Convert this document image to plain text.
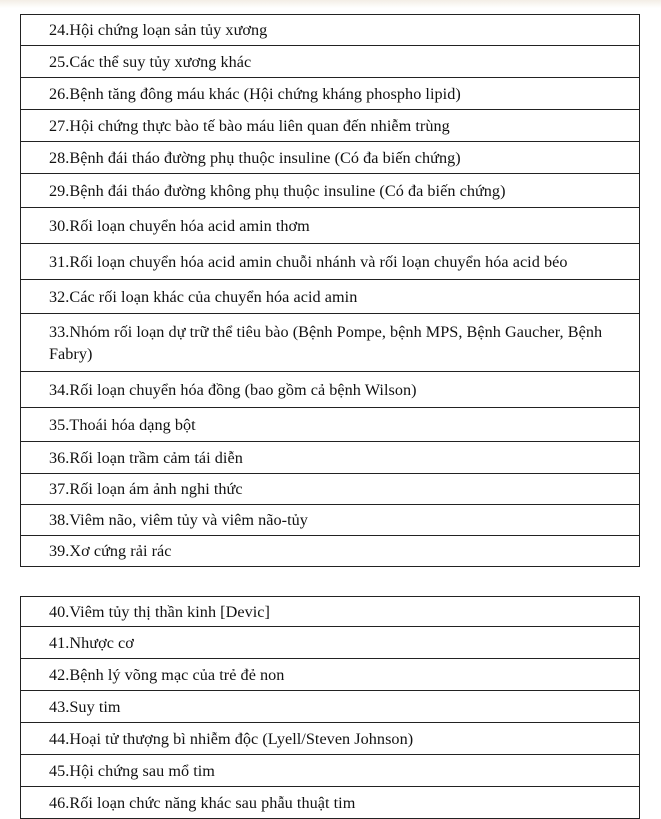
24.Hội chứng loạn sản tủy xương
25.Các thể suy tủy xương khác
26.Bệnh tăng đông máu khác (Hội chứng kháng phospho lipid)
27.Hội chứng thực bào tế bào máu liên quan đến nhiễm trùng
28.Bệnh đái tháo đường phụ thuộc insuline (Có đa biến chứng)
29.Bệnh đái tháo đường không phụ thuộc insuline (Có đa biến chứng)
30.Rối loạn chuyển hóa acid amin thơm
31.Rối loạn chuyển hóa acid amin chuỗi nhánh và rối loạn chuyển hóa acid béo
32.Các rối loạn khác của chuyển hóa acid amin
33.Nhóm rối loạn dự trữ thể tiêu bào (Bệnh Pompe, bệnh MPS, Bệnh Gaucher, Bệnh Fabry)
34.Rối loạn chuyển hóa đồng (bao gồm cả bệnh Wilson)
35.Thoái hóa dạng bột
36.Rối loạn trầm cảm tái diễn
37.Rối loạn ám ảnh nghi thức
38.Viêm não, viêm tủy và viêm não-tủy
39.Xơ cứng rải rác
40.Viêm tủy thị thần kinh [Devic]
41.Nhược cơ
42.Bệnh lý võng mạc của trẻ đẻ non
43.Suy tim
44.Hoại tử thượng bì nhiễm độc (Lyell/Steven Johnson)
45.Hội chứng sau mổ tim
46.Rối loạn chức năng khác sau phẫu thuật tim
